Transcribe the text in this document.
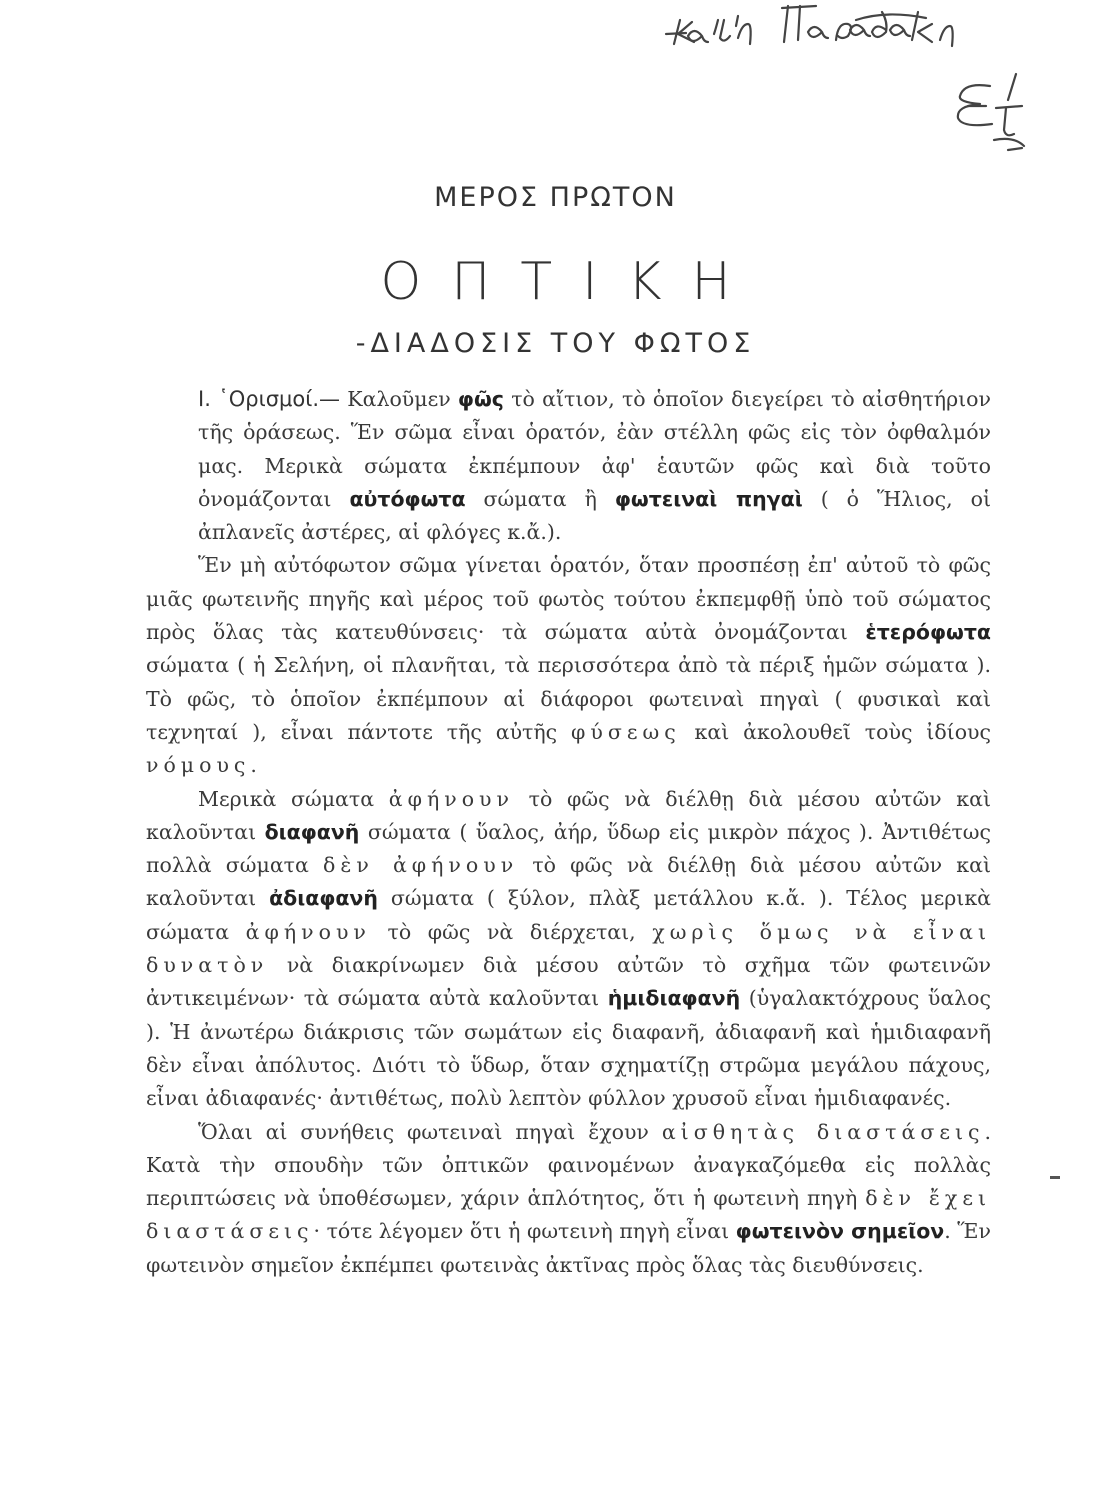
ΜΕΡΟΣ ΠΡΩΤΟΝ
ΟΠΤΙΚΗ
-ΔΙΑΔΟΣΙΣ ΤΟΥ ΦΩΤΟΣ

Ι. ῾Ορισμοί.— Καλοῦμεν φῶς τὸ αἴτιον, τὸ ὁποῖον διεγείρει τὸ αἰσθητήριον τῆς ὁράσεως. Ἕν σῶμα εἶναι ὁρατόν, ἐὰν στέλλη φῶς εἰς τὸν ὀφθαλμόν μας. Μερικὰ σώματα ἐκπέμπουν ἀφ' ἑαυτῶν φῶς καὶ διὰ τοῦτο ὀνομάζονται αὐτόφωτα σώματα ἢ φωτειναὶ πηγαὶ ( ὁ Ἥλιος, οἱ ἀπλανεῖς ἀστέρες, αἱ φλόγες κ.ἄ.).

Ἕν μὴ αὐτόφωτον σῶμα γίνεται ὁρατόν, ὅταν προσπέσῃ ἐπ' αὐτοῦ τὸ φῶς μιᾶς φωτεινῆς πηγῆς καὶ μέρος τοῦ φωτὸς τούτου ἐκπεμφθῇ ὑπὸ τοῦ σώματος πρὸς ὅλας τὰς κατευθύνσεις· τὰ σώματα αὐτὰ ὀνομάζονται ἑτερόφωτα σώματα ( ἡ Σελήνη, οἱ πλανῆται, τὰ περισσότερα ἀπὸ τὰ πέριξ ἡμῶν σώματα ). Τὸ φῶς, τὸ ὁποῖον ἐκπέμπουν αἱ διάφοροι φωτειναὶ πηγαὶ ( φυσικαὶ καὶ τεχνηταί ), εἶναι πάντοτε τῆς αὐτῆς φύσεως καὶ ἀκολουθεῖ τοὺς ἰδίους νόμους.

Μερικὰ σώματα ἀφήνουν τὸ φῶς νὰ διέλθῃ διὰ μέσου αὐτῶν καὶ καλοῦνται διαφανῆ σώματα ( ὕαλος, ἀήρ, ὕδωρ εἰς μικρὸν πάχος ). Ἀντιθέτως πολλὰ σώματα δὲν ἀφήνουν τὸ φῶς νὰ διέλθῃ διὰ μέσου αὐτῶν καὶ καλοῦνται ἀδιαφανῆ σώματα ( ξύλον, πλὰξ μετάλλου κ.ἄ. ). Τέλος μερικὰ σώματα ἀφήνουν τὸ φῶς νὰ διέρχεται, χωρὶς ὅμως νὰ εἶναι δυνατὸν νὰ διακρίνωμεν διὰ μέσου αὐτῶν τὸ σχῆμα τῶν φωτεινῶν ἀντικειμένων· τὰ σώματα αὐτὰ καλοῦνται ἡμιδιαφανῆ (ὑγαλακτόχρους ὕαλος ). Ἡ ἀνωτέρω διάκρισις τῶν σωμάτων εἰς διαφανῆ, ἀδιαφανῆ καὶ ἡμιδιαφανῆ δὲν εἶναι ἀπόλυτος. Διότι τὸ ὕδωρ, ὅταν σχηματίζῃ στρῶμα μεγάλου πάχους, εἶναι ἀδιαφανές· ἀντιθέτως, πολὺ λεπτὸν φύλλον χρυσοῦ εἶναι ἡμιδιαφανές.

Ὅλαι αἱ συνήθεις φωτειναὶ πηγαὶ ἔχουν αἰσθητὰς διαστάσεις. Κατὰ τὴν σπουδὴν τῶν ὀπτικῶν φαινομένων ἀναγκαζόμεθα εἰς πολλὰς περιπτώσεις νὰ ὑποθέσωμεν, χάριν ἁπλότητος, ὅτι ἡ φωτεινὴ πηγὴ δὲν ἔχει διαστάσεις· τότε λέγομεν ὅτι ἡ φωτεινὴ πηγὴ εἶναι φωτεινὸν σημεῖον. Ἕν φωτεινὸν σημεῖον ἐκπέμπει φωτεινὰς ἀκτῖνας πρὸς ὅλας τὰς διευθύνσεις.
